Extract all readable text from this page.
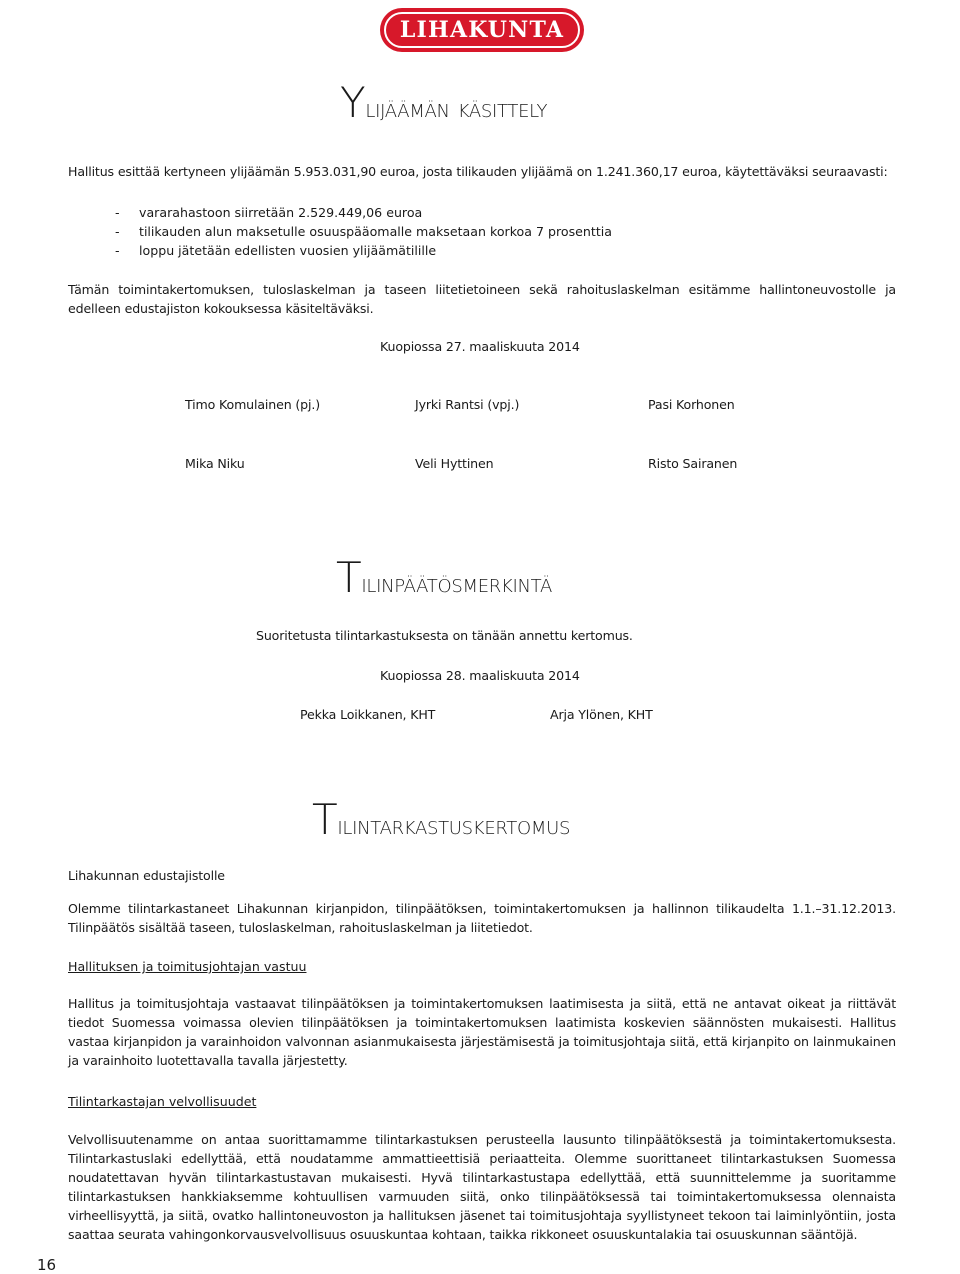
LIHAKUNTA
Ylijäämän käsittely
Hallitus esittää kertyneen ylijäämän 5.953.031,90 euroa, josta tilikauden ylijäämä on 1.241.360,17 euroa, käytettäväksi seuraavasti:
- vararahastoon siirretään 2.529.449,06 euroa
- tilikauden alun maksetulle osuuspääomalle maksetaan korkoa 7 prosenttia
- loppu jätetään edellisten vuosien ylijäämätilille
Tämän toimintakertomuksen, tuloslaskelman ja taseen liitetietoineen sekä rahoituslaskelman esitämme hallintoneuvostolle ja edelleen edustajiston kokouksessa käsiteltäväksi.
Kuopiossa 27. maaliskuuta 2014
Timo Komulainen (pj.)	Jyrki Rantsi (vpj.)	Pasi Korhonen
Mika Niku	Veli Hyttinen	Risto Sairanen
Tilinpäätösmerkintä
Suoritetusta tilintarkastuksesta on tänään annettu kertomus.
Kuopiossa 28. maaliskuuta 2014
Pekka Loikkanen, KHT	Arja Ylönen, KHT
Tilintarkastuskertomus
Lihakunnan edustajistolle
Olemme tilintarkastaneet Lihakunnan kirjanpidon, tilinpäätöksen, toimintakertomuksen ja hallinnon tilikaudelta 1.1.–31.12.2013. Tilinpäätös sisältää taseen, tuloslaskelman, rahoituslaskelman ja liitetiedot.
Hallituksen ja toimitusjohtajan vastuu
Hallitus ja toimitusjohtaja vastaavat tilinpäätöksen ja toimintakertomuksen laatimisesta ja siitä, että ne antavat oikeat ja riittävät tiedot Suomessa voimassa olevien tilinpäätöksen ja toimintakertomuksen laatimista koskevien säännösten mukaisesti. Hallitus vastaa kirjanpidon ja varainhoidon valvonnan asianmukaisesta järjestämisestä ja toimitusjohtaja siitä, että kirjanpito on lainmukainen ja varainhoito luotettavalla tavalla järjestetty.
Tilintarkastajan velvollisuudet
Velvollisuutenamme on antaa suorittamamme tilintarkastuksen perusteella lausunto tilinpäätöksestä ja toimintakertomuksesta. Tilintarkastuslaki edellyttää, että noudatamme ammattieettisiä periaatteita. Olemme suorittaneet tilintarkastuksen Suomessa noudatettavan hyvän tilintarkastustavan mukaisesti. Hyvä tilintarkastustapa edellyttää, että suunnittelemme ja suoritamme tilintarkastuksen hankkiaksemme kohtuullisen varmuuden siitä, onko tilinpäätöksessä tai toimintakertomuksessa olennaista virheellisyyttä, ja siitä, ovatko hallintoneuvoston ja hallituksen jäsenet tai toimitusjohtaja syyllistyneet tekoon tai laiminlyöntiin, josta saattaa seurata vahingonkorvausvelvollisuus osuuskuntaa kohtaan, taikka rikkoneet osuuskuntalakia tai osuuskunnan sääntöjä.
16
